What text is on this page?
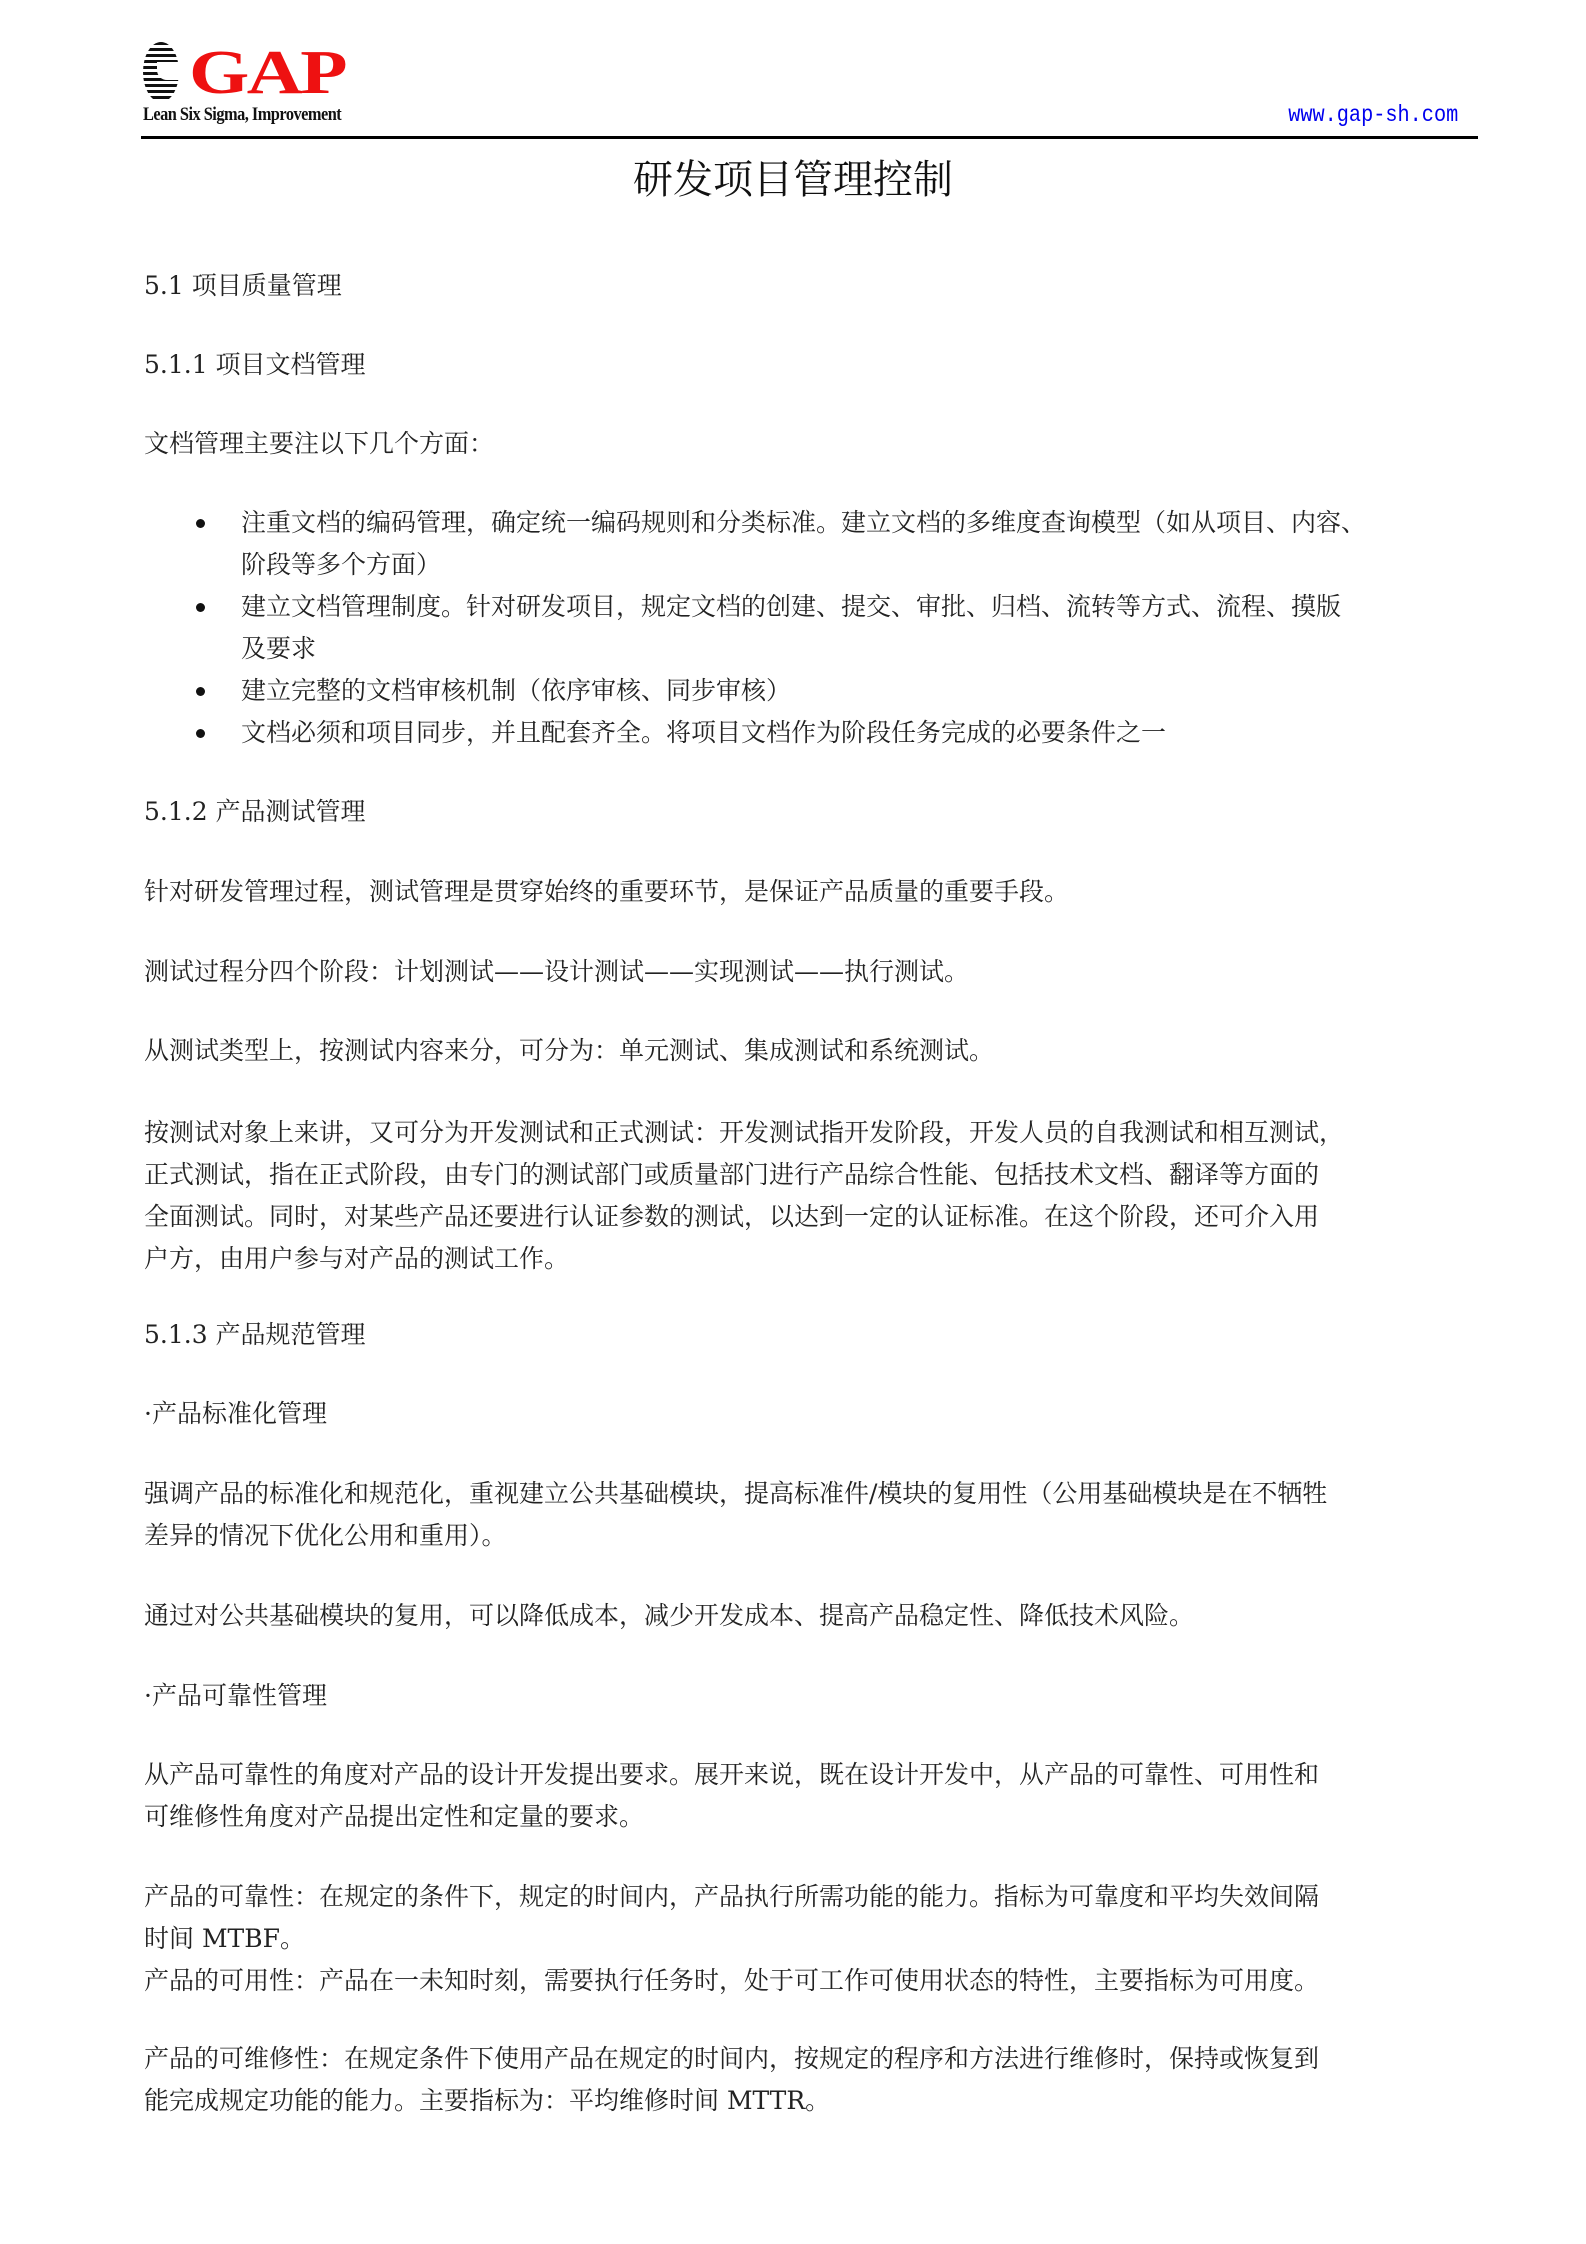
GAP
Lean Six Sigma, Improvement	www.gap-sh.com
研发项目管理控制
5.1 项目质量管理
5.1.1 项目文档管理
文档管理主要注以下几个方面：
注重文档的编码管理，确定统一编码规则和分类标准。建立文档的多维度查询模型（如从项目、内容、
阶段等多个方面）
建立文档管理制度。针对研发项目，规定文档的创建、提交、审批、归档、流转等方式、流程、摸版
及要求
建立完整的文档审核机制（依序审核、同步审核）
文档必须和项目同步，并且配套齐全。将项目文档作为阶段任务完成的必要条件之一
5.1.2 产品测试管理
针对研发管理过程，测试管理是贯穿始终的重要环节，是保证产品质量的重要手段。
测试过程分四个阶段：计划测试——设计测试——实现测试——执行测试。
从测试类型上，按测试内容来分，可分为：单元测试、集成测试和系统测试。
按测试对象上来讲，又可分为开发测试和正式测试：开发测试指开发阶段，开发人员的自我测试和相互测试，
正式测试，指在正式阶段，由专门的测试部门或质量部门进行产品综合性能、包括技术文档、翻译等方面的
全面测试。同时，对某些产品还要进行认证参数的测试，以达到一定的认证标准。在这个阶段，还可介入用
户方，由用户参与对产品的测试工作。
5.1.3 产品规范管理
·产品标准化管理
强调产品的标准化和规范化，重视建立公共基础模块，提高标准件/模块的复用性（公用基础模块是在不牺牲
差异的情况下优化公用和重用）。
通过对公共基础模块的复用，可以降低成本，减少开发成本、提高产品稳定性、降低技术风险。
·产品可靠性管理
从产品可靠性的角度对产品的设计开发提出要求。展开来说，既在设计开发中，从产品的可靠性、可用性和
可维修性角度对产品提出定性和定量的要求。
产品的可靠性：在规定的条件下，规定的时间内，产品执行所需功能的能力。指标为可靠度和平均失效间隔
时间 MTBF。
产品的可用性：产品在一未知时刻，需要执行任务时，处于可工作可使用状态的特性，主要指标为可用度。
产品的可维修性：在规定条件下使用产品在规定的时间内，按规定的程序和方法进行维修时，保持或恢复到
能完成规定功能的能力。主要指标为：平均维修时间 MTTR。
